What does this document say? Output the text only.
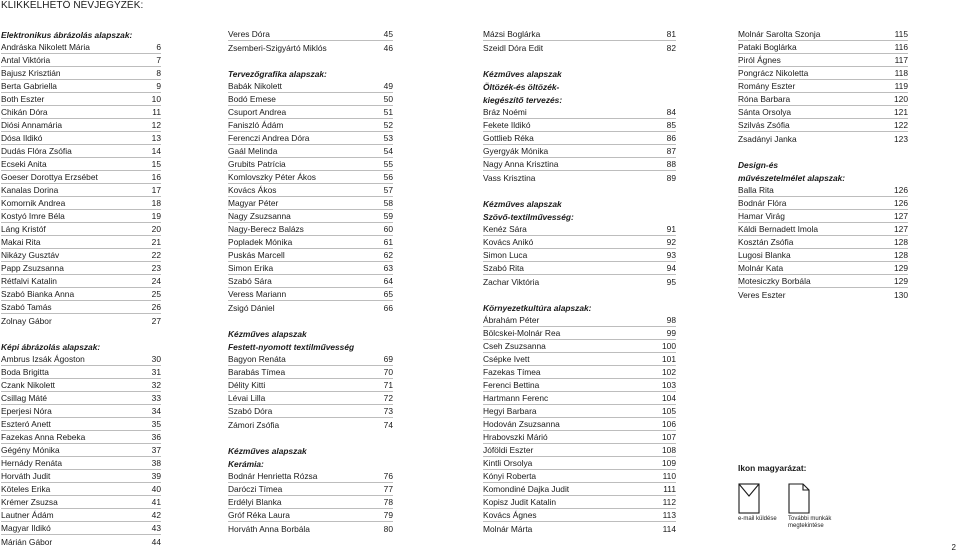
KLIKKELHETŐ NÉVJEGYZÉK:
Elektronikus ábrázolás alapszak:
Andráska Nikolett Mária	6
Antal Viktória	7
Bajusz Krisztián	8
Berta Gabriella	9
Both Eszter	10
Chikán Dóra	11
Diósi Annamária	12
Dósa Ildikó	13
Dudás Flóra Zsófia	14
Ecseki Anita	15
Goeser Dorottya Erzsébet	16
Kanalas Dorina	17
Komornik Andrea	18
Kostyó Imre Béla	19
Láng Kristóf	20
Makai Rita	21
Nikázy Gusztáv	22
Papp Zsuzsanna	23
Rétfalvi Katalin	24
Szabó Bianka Anna	25
Szabó Tamás	26
Zolnay Gábor	27
Képi ábrázolás alapszak:
Ambrus Izsák Ágoston	30
Boda Brigitta	31
Czank Nikolett	32
Csillag Máté	33
Eperjesi Nóra	34
Eszteró Anett	35
Fazekas Anna Rebeka	36
Gégény Mónika	37
Hernády Renáta	38
Horváth Judit	39
Köteles Erika	40
Krémer Zsuzsa	41
Lautner Ádám	42
Magyar Ildikó	43
Márián Gábor	44
Veres Dóra	45
Zsemberi-Szigyártó Miklós	46
Tervezőgrafika alapszak:
Babák Nikolett	49
Bodó Emese	50
Csuport Andrea	51
Faniszló Ádám	52
Ferenczi Andrea Dóra	53
Gaál Melinda	54
Grubits Patrícia	55
Komlovszky Péter Ákos	56
Kovács Ákos	57
Magyar Péter	58
Nagy Zsuzsanna	59
Nagy-Berecz Balázs	60
Popladek Mónika	61
Puskás Marcell	62
Simon Erika	63
Szabó Sára	64
Veress Mariann	65
Zsigó Dániel	66
Kézműves alapszak
Festett-nyomott textilművesség
Bagyon Renáta	69
Barabás Tímea	70
Délity Kitti	71
Lévai Lilla	72
Szabó Dóra	73
Zámori Zsófia	74
Kézműves alapszak
Kerámia:
Bodnár Henrietta Rózsa	76
Daróczi Tímea	77
Erdélyi Blanka	78
Gróf Réka Laura	79
Horváth Anna Borbála	80
Mázsi Boglárka	81
Szeidl Dóra Edit	82
Kézműves alapszak
Öltözék-és öltözék-
kiegészítő tervezés:
Bráz Noémi	84
Fekete Ildikó	85
Gottlieb Réka	86
Gyergyák Mónika	87
Nagy Anna Krisztina	88
Vass Krisztina	89
Kézműves alapszak
Szövő-textilművesség:
Kenéz Sára	91
Kovács Anikó	92
Simon Luca	93
Szabó Rita	94
Zachar Viktória	95
Környezetkultúra alapszak:
Ábrahám Péter	98
Bölcskei-Molnár Rea	99
Cseh Zsuzsanna	100
Csépke Ivett	101
Fazekas Tímea	102
Ferenci Bettina	103
Hartmann Ferenc	104
Hegyi Barbara	105
Hodován Zsuzsanna	106
Hrabovszki Márió	107
Jóföldi Eszter	108
Kintli Orsolya	109
Kónyi Roberta	110
Komondiné Dajka Judit	111
Kopisz Judit Katalin	112
Kovács Ágnes	113
Molnár Márta	114
Molnár Sarolta Szonja	115
Pataki Boglárka	116
Piról Ágnes	117
Pongrácz Nikoletta	118
Romány Eszter	119
Róna Barbara	120
Sánta Orsolya	121
Szilvás Zsófia	122
Zsadányi Janka	123
Design-és
művészetelmélet alapszak:
Balla Rita	126
Bodnár Flóra	126
Hamar Virág	127
Káldi Bernadett Imola	127
Kosztán Zsófia	128
Lugosi Blanka	128
Molnár Kata	129
Motesiczky Borbála	129
Veres Eszter	130
Ikon magyarázat:
e-mail küldése	További munkák megtekintése
2
